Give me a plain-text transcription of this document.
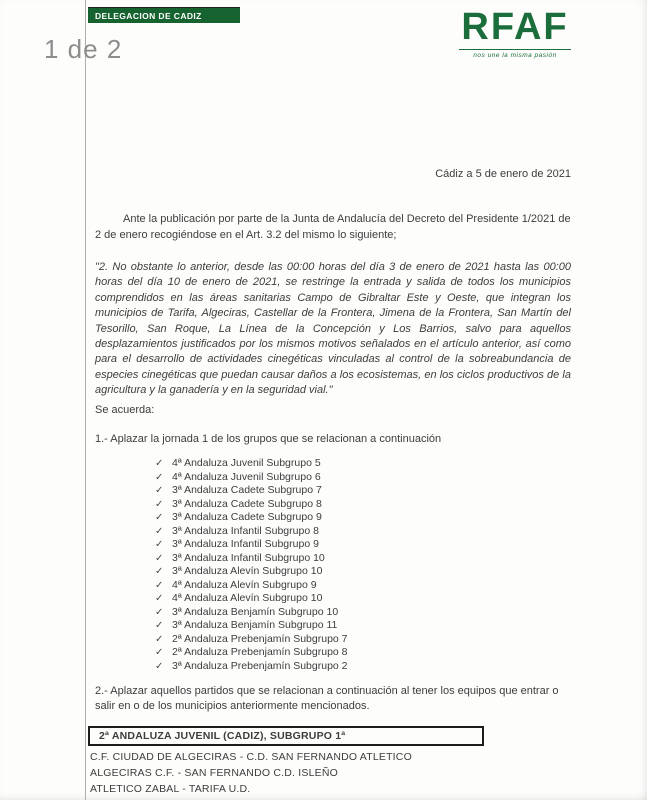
DELEGACION DE CADIZ
1 de 2
RFAF
nos une la misma pasión
Cádiz a 5 de enero de 2021
Ante la publicación por parte de la Junta de Andalucía del Decreto del Presidente 1/2021 de 2 de enero recogiéndose en el Art. 3.2 del mismo lo siguiente;
"2. No obstante lo anterior, desde las 00:00 horas del día 3 de enero de 2021 hasta las 00:00 horas del día 10 de enero de 2021, se restringe la entrada y salida de todos los municipios comprendidos en las áreas sanitarias Campo de Gibraltar Este y Oeste, que integran los municipios de Tarifa, Algeciras, Castellar de la Frontera, Jimena de la Frontera, San Martín del Tesorillo, San Roque, La Línea de la Concepción y Los Barrios, salvo para aquellos desplazamientos justificados por los mismos motivos señalados en el artículo anterior, así como para el desarrollo de actividades cinegéticas vinculadas al control de la sobreabundancia de especies cinegéticas que puedan causar daños a los ecosistemas, en los ciclos productivos de la agricultura y la ganadería y en la seguridad vial."
Se acuerda:
1.- Aplazar la jornada 1 de los grupos que se relacionan a continuación
✓ 4ª Andaluza Juvenil Subgrupo 5
✓ 4ª Andaluza Juvenil Subgrupo 6
✓ 3ª Andaluza Cadete Subgrupo 7
✓ 3ª Andaluza Cadete Subgrupo 8
✓ 3ª Andaluza Cadete Subgrupo 9
✓ 3ª Andaluza Infantil Subgrupo 8
✓ 3ª Andaluza Infantil Subgrupo 9
✓ 3ª Andaluza Infantil Subgrupo 10
✓ 3ª Andaluza Alevín Subgrupo 10
✓ 4ª Andaluza Alevín Subgrupo 9
✓ 4ª Andaluza Alevín Subgrupo 10
✓ 3ª Andaluza Benjamín Subgrupo 10
✓ 3ª Andaluza Benjamín Subgrupo 11
✓ 2ª Andaluza Prebenjamín Subgrupo 7
✓ 2ª Andaluza Prebenjamín Subgrupo 8
✓ 3ª Andaluza Prebenjamín Subgrupo 2
2.- Aplazar aquellos partidos que se relacionan a continuación al tener los equipos que entrar o salir en o de los municipios anteriormente mencionados.
2ª ANDALUZA JUVENIL (CADIZ), SUBGRUPO 1ª
C.F. CIUDAD DE ALGECIRAS - C.D. SAN FERNANDO ATLETICO
ALGECIRAS C.F. - SAN FERNANDO C.D. ISLEÑO
ATLETICO ZABAL - TARIFA U.D.
